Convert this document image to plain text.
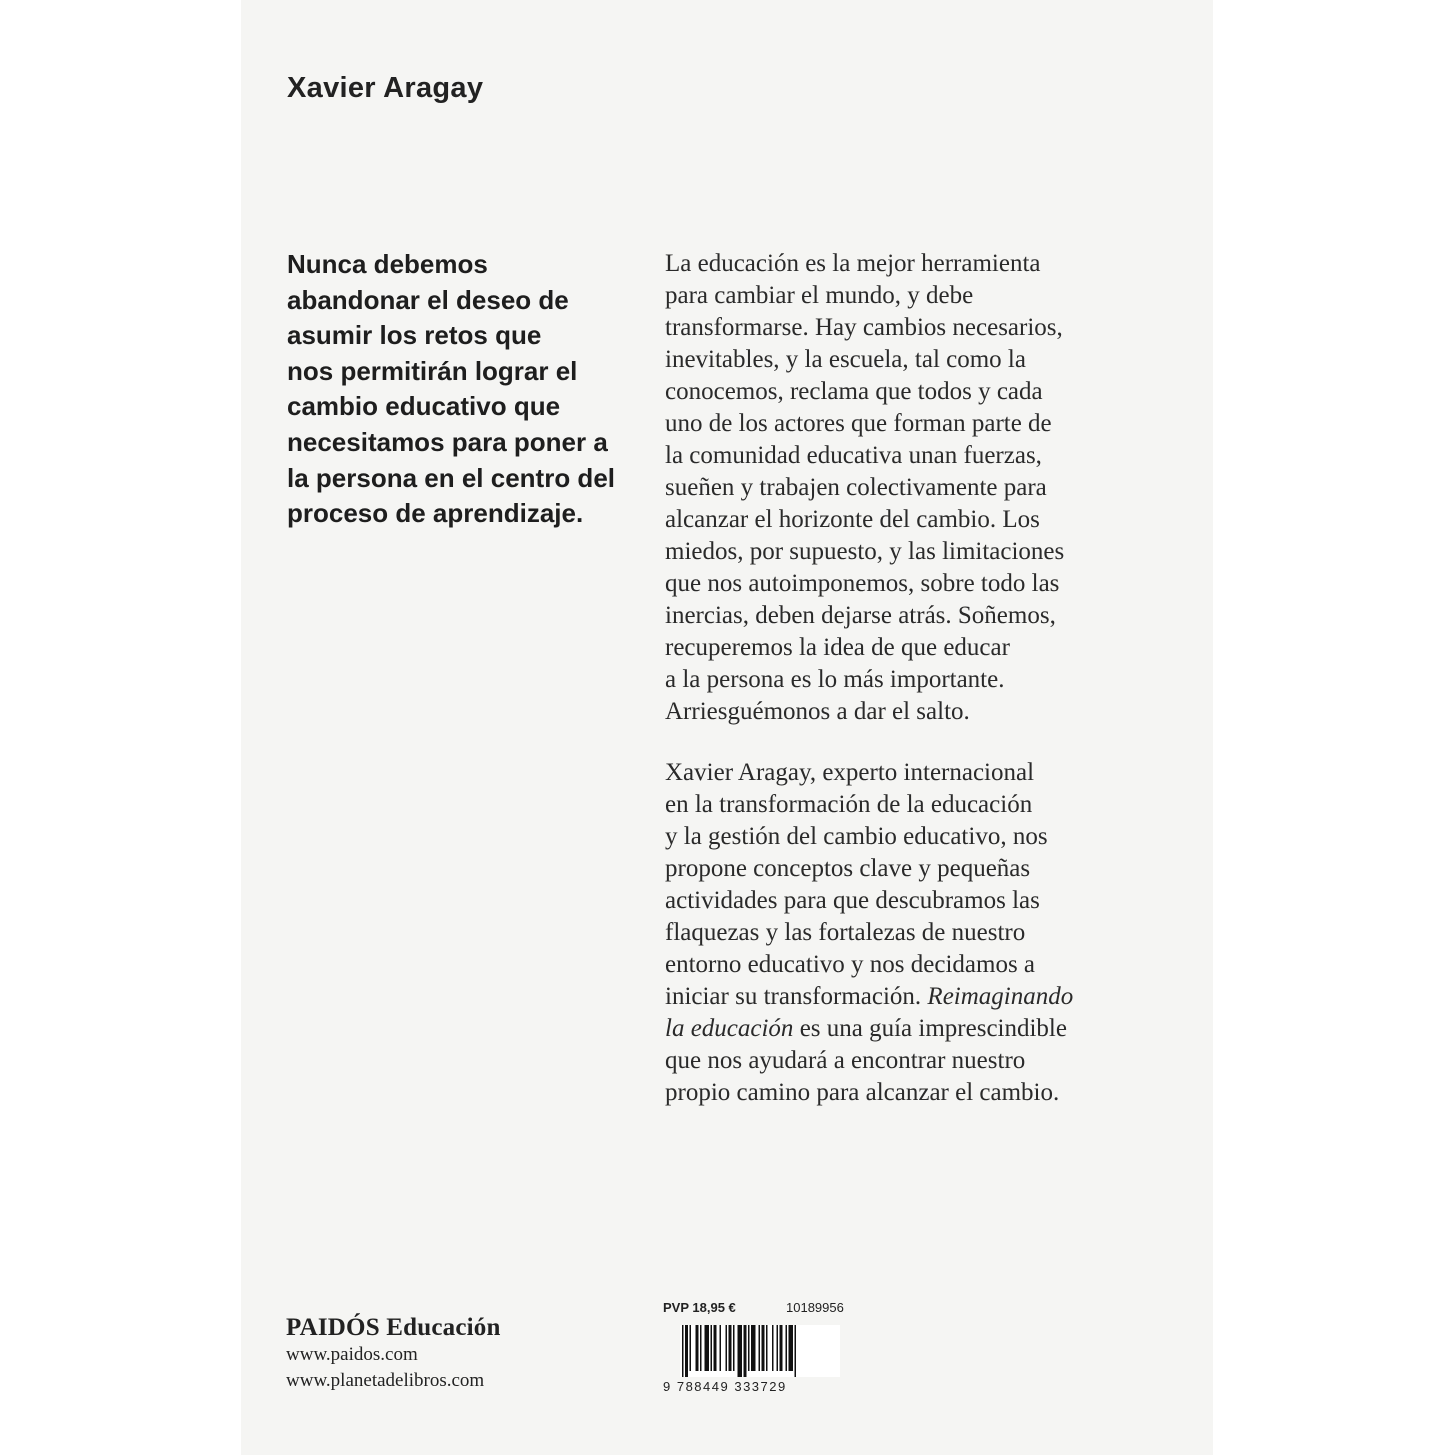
Xavier Aragay
Nunca debemos
abandonar el deseo de
asumir los retos que
nos permitirán lograr el
cambio educativo que
necesitamos para poner a
la persona en el centro del
proceso de aprendizaje.
La educación es la mejor herramienta
para cambiar el mundo, y debe
transformarse. Hay cambios necesarios,
inevitables, y la escuela, tal como la
conocemos, reclama que todos y cada
uno de los actores que forman parte de
la comunidad educativa unan fuerzas,
sueñen y trabajen colectivamente para
alcanzar el horizonte del cambio. Los
miedos, por supuesto, y las limitaciones
que nos autoimponemos, sobre todo las
inercias, deben dejarse atrás. Soñemos,
recuperemos la idea de que educar
a la persona es lo más importante.
Arriesguémonos a dar el salto.
Xavier Aragay, experto internacional
en la transformación de la educación
y la gestión del cambio educativo, nos
propone conceptos clave y pequeñas
actividades para que descubramos las
flaquezas y las fortalezas de nuestro
entorno educativo y nos decidamos a
iniciar su transformación. Reimaginando
la educación es una guía imprescindible
que nos ayudará a encontrar nuestro
propio camino para alcanzar el cambio.

PAIDÓS Educación

www.paidos.com

www.planetadelibros.com

PVP 18,95 €	10189956
9 788449 333729
